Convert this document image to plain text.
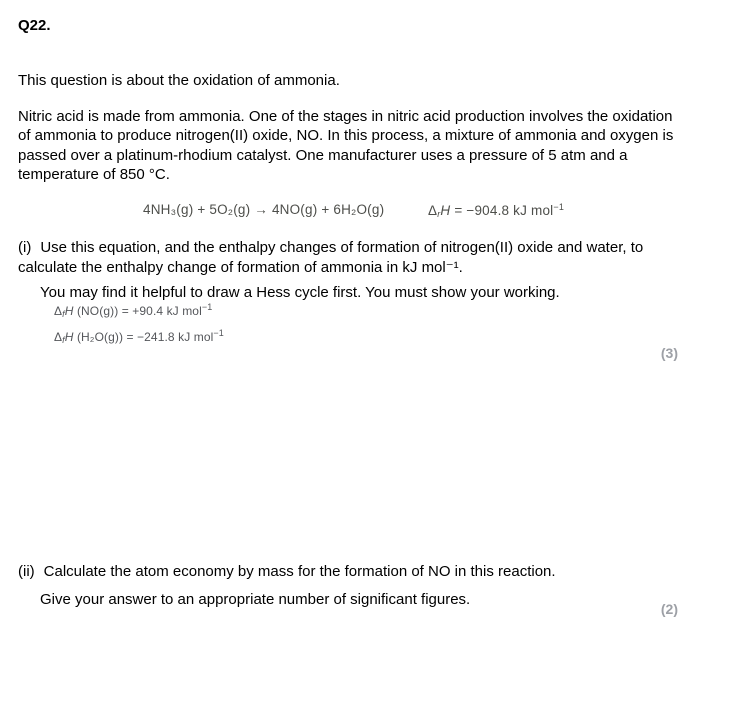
Q22.
This question is about the oxidation of ammonia.
Nitric acid is made from ammonia. One of the stages in nitric acid production involves the oxidation of ammonia to produce nitrogen(II) oxide, NO. In this process, a mixture of ammonia and oxygen is passed over a platinum-rhodium catalyst. One manufacturer uses a pressure of 5 atm and a temperature of 850 °C.
4NH₃(g) + 5O₂(g) → 4NO(g) + 6H₂O(g)	ΔrH = −904.8 kJ mol$^{-1}$
(i) Use this equation, and the enthalpy changes of formation of nitrogen(II) oxide and water, to calculate the enthalpy change of formation of ammonia in kJ mol⁻¹.
You may find it helpful to draw a Hess cycle first. You must show your working.
ΔfH (NO(g)) = +90.4 kJ mol$^{-1}$
ΔfH (H₂O(g)) = −241.8 kJ mol$^{-1}$
(3)
(ii) Calculate the atom economy by mass for the formation of NO in this reaction.
Give your answer to an appropriate number of significant figures.
(2)
